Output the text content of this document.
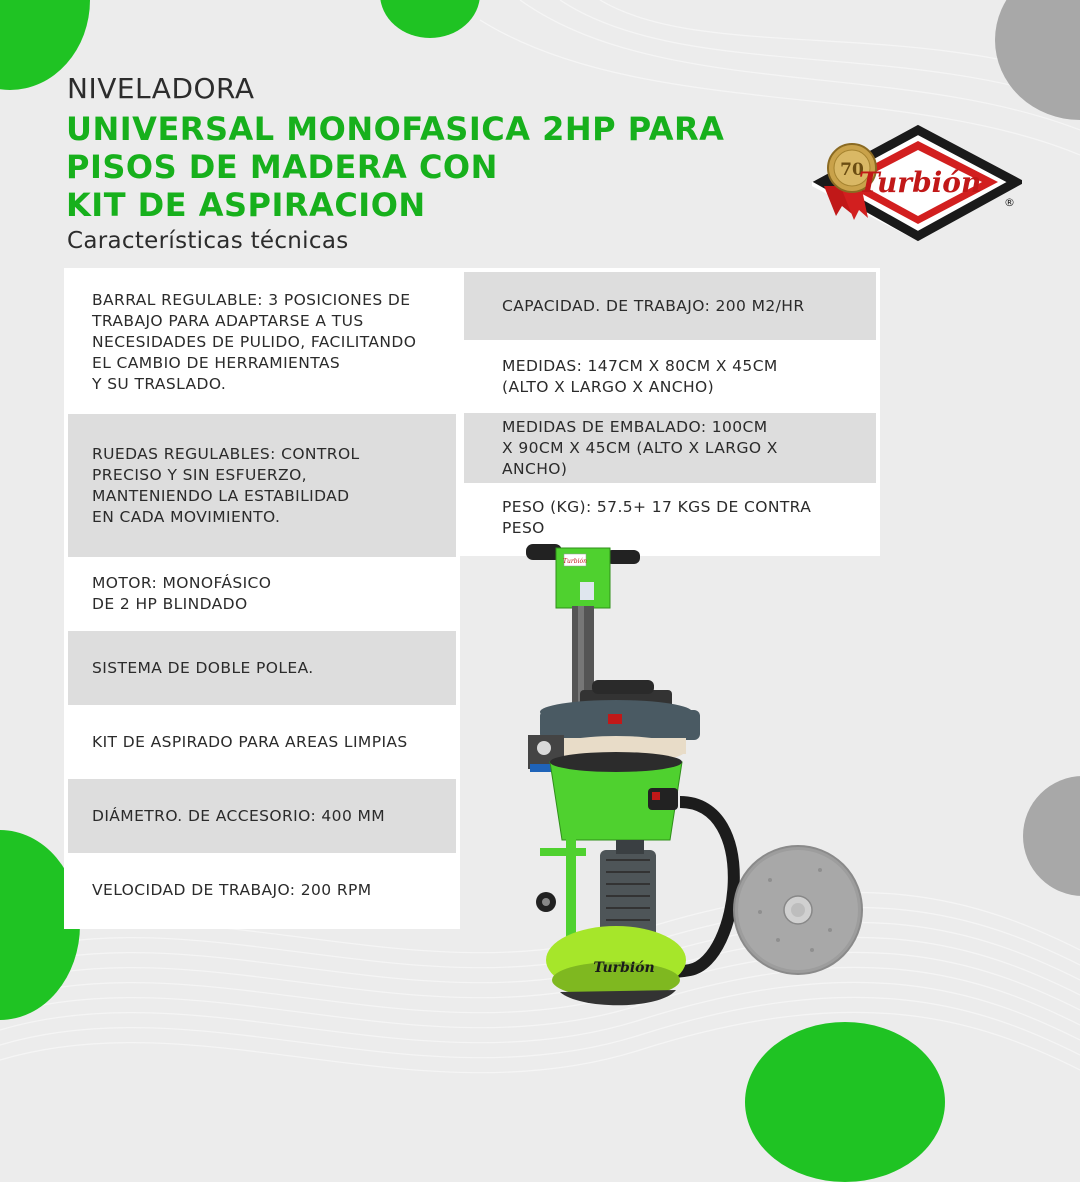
NIVELADORA
UNIVERSAL MONOFASICA 2HP PARA
PISOS DE MADERA CON
KIT DE ASPIRACION

Características técnicas

70
Turbión
®
BARRAL REGULABLE: 3 POSICIONES DE
TRABAJO PARA ADAPTARSE A TUS
NECESIDADES DE PULIDO, FACILITANDO
EL CAMBIO DE HERRAMIENTAS
Y SU TRASLADO.
RUEDAS REGULABLES: CONTROL
PRECISO Y SIN ESFUERZO,
MANTENIENDO LA ESTABILIDAD
EN CADA MOVIMIENTO.
MOTOR: MONOFÁSICO
DE 2 HP BLINDADO
SISTEMA DE DOBLE POLEA.
KIT DE ASPIRADO PARA AREAS LIMPIAS
DIÁMETRO. DE ACCESORIO: 400 MM
VELOCIDAD DE TRABAJO: 200 RPM
CAPACIDAD. DE TRABAJO: 200 M2/HR
MEDIDAS: 147CM X 80CM X 45CM
(ALTO X LARGO X ANCHO)
MEDIDAS DE EMBALADO: 100CM
X 90CM X 45CM (ALTO X LARGO X ANCHO)
PESO (KG): 57.5+ 17 KGS DE CONTRA PESO
Turbión
Turbión
